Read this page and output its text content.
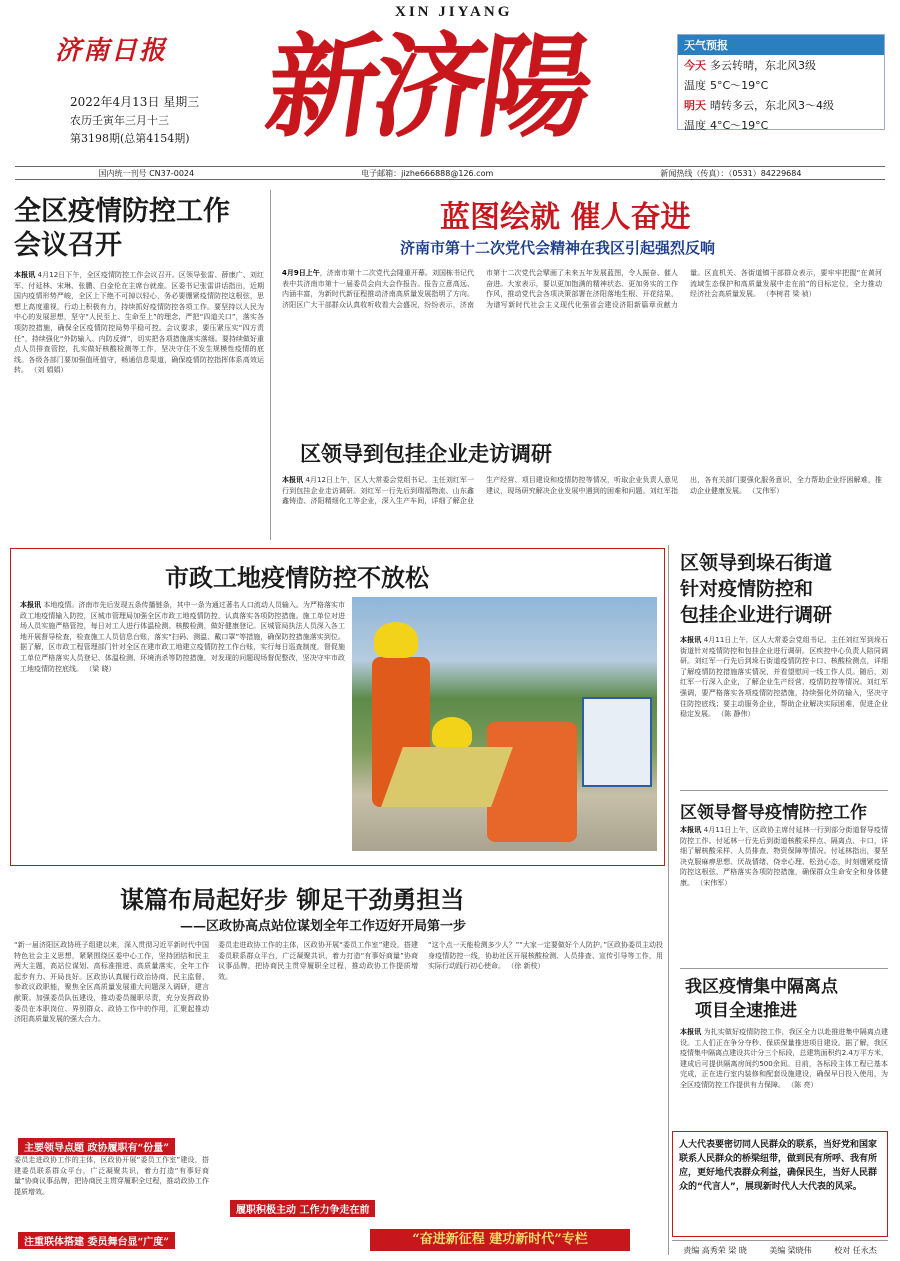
济南日报
XIN JIYANG
新济陽
2022年4月13日 星期三
农历壬寅年三月十三
第3198期(总第4154期)
天气预报
今天 多云转晴，东北风3级
温度 5°C～19°C
明天 晴转多云，东北风3～4级
温度 4°C～19°C
国内统一刊号 CN37-0024	电子邮箱：jizhe666888@126.com	新闻热线（传真）：（0531）84229684
全区疫情防控工作
会议召开
本报讯 4月12日下午，全区疫情防控工作会议召开。区领导张雷、薛康广、刘红军、付延林、宋琳、张鹏、白金伦在主席台就座。区委书记张雷讲话指出，近期国内疫情形势严峻，全区上下绝不可掉以轻心，务必要绷紧疫情防控这根弦，思想上高度重视，行动上积极有力，持续抓好疫情防控各项工作。要坚持以人民为中心的发展思想，坚守“人民至上、生命至上”的理念，严把“四道关口”，落实各项防控措施，确保全区疫情防控局势平稳可控。会议要求，要压紧压实“四方责任”，持续强化“外防输入、内防反弹”，切实把各项措施落实落细。要持续做好重点人员排查管控，扎实做好核酸检测等工作，坚决守住不发生规模性疫情的底线。各级各部门要加强值班值守，畅通信息渠道，确保疫情防控指挥体系高效运转。 （刘 娟娟）
蓝图绘就 催人奋进
济南市第十二次党代会精神在我区引起强烈反响
4月9日上午，济南市第十二次党代会隆重开幕。刘国栋书记代表中共济南市第十一届委员会向大会作报告。报告立意高远、内涵丰富，为新时代新征程推动济南高质量发展指明了方向。济阳区广大干部群众认真收听收看大会盛况，纷纷表示，济南市第十二次党代会擘画了未来五年发展蓝图，令人振奋、催人奋进。大家表示，要以更加饱满的精神状态、更加务实的工作作风，推动党代会各项决策部署在济阳落地生根、开花结果，为谱写新时代社会主义现代化强省会建设济阳新篇章贡献力量。区直机关、各街道镇干部群众表示，要牢牢把握“在黄河流域生态保护和高质量发展中走在前”的目标定位，全力推动经济社会高质量发展。 （李树君 梁 祯）
区领导到包挂企业走访调研
本报讯 4月12日上午，区人大常委会党组书记、主任刘红军一行到包挂企业走访调研。刘红军一行先后到瑞福物流、山东鑫鑫铸造、济阳精细化工等企业，深入生产车间，详细了解企业生产经营、项目建设和疫情防控等情况，听取企业负责人意见建议，现场研究解决企业发展中遇到的困难和问题。刘红军指出，各有关部门要强化服务意识，全力帮助企业纾困解难，推动企业健康发展。 （艾伟军）
市政工地疫情防控不放松
本报讯 本地疫情。济南市先后发现五条传播链条，其中一条为通过著名人口流动人员输入。为严格落实市政工地疫情输入防控，区城市管理局加强全区市政工地疫情防控，认真落实各项防控措施。施工单位对进场人员实施严格管控，每日对工人进行体温检测、核酸检测，做好健康登记。区城管局执法人员深入各工地开展督导检查，检查施工人员信息台账，落实“扫码、测温、戴口罩”等措施，确保防控措施落实到位。据了解，区市政工程管理部门针对全区在建市政工地建立疫情防控工作台账，实行每日巡查制度，督促施工单位严格落实人员登记、体温检测、环境消杀等防控措施，对发现的问题现场督促整改，坚决守牢市政工地疫情防控底线。 （梁 晓）
区领导到垛石街道
针对疫情防控和
包挂企业进行调研
本报讯 4月11日上午，区人大常委会党组书记、主任刘红军到垛石街道针对疫情防控和包挂企业进行调研。区疾控中心负责人陪同调研。刘红军一行先后到垛石街道疫情防控卡口、核酸检测点，详细了解疫情防控措施落实情况，并看望慰问一线工作人员。随后，刘红军一行深入企业，了解企业生产经营、疫情防控等情况。刘红军强调，要严格落实各项疫情防控措施，持续强化外防输入，坚决守住防控底线；要主动服务企业，帮助企业解决实际困难，促进企业稳定发展。 （陈 静伟）
区领导督导疫情防控工作
本报讯 4月11日上午，区政协主席付延林一行到部分街道督导疫情防控工作。付延林一行先后到街道核酸采样点、隔离点、卡口，详细了解核酸采样、人员排查、物资保障等情况。付延林指出，要坚决克服麻痹思想、厌战情绪、侥幸心理、松劲心态，时刻绷紧疫情防控这根弦，严格落实各项防控措施，确保群众生命安全和身体健康。 （宋伟军）
我区疫情集中隔离点
项目全速推进
本报讯 为扎实做好疫情防控工作，我区全力以赴推进集中隔离点建设。工人们正在争分夺秒、保质保量推进项目建设。据了解，我区疫情集中隔离点建设共计分三个标段，总建筑面积约2.4万平方米，建成后可提供隔离房间约500余间。目前，各标段主体工程已基本完成，正在进行室内装修和配套设施建设，确保早日投入使用，为全区疫情防控工作提供有力保障。 （陈 亮）
人大代表要密切同人民群众的联系，当好党和国家联系人民群众的桥梁纽带，做到民有所呼、我有所应，更好地代表群众利益，确保民生，当好人民群众的“代言人”，展现新时代人大代表的风采。
责编 高秀荣 梁 晓	美编 梁晓伟	校对 任永杰
谋篇布局起好步 铆足干劲勇担当
——区政协高点站位谋划全年工作迈好开局第一步
“新一届济阳区政协班子组建以来，深入贯彻习近平新时代中国特色社会主义思想，紧紧围绕区委中心工作，坚持团结和民主两大主题，高站位谋划、高标准推进、高质量落实，全年工作起步有力、开局良好。区政协认真履行政治协商、民主监督、参政议政职能，聚焦全区高质量发展重大问题深入调研，建言献策。加强委员队伍建设，推动委员履职尽责，充分发挥政协委员在本职岗位、界别群众、政协工作中的作用，汇聚起推动济阳高质量发展的强大合力。
主要领导点题 政协履职有“份量”
委员走进政协工作的主体，区政协开展“委员工作室”建设，搭建委员联系群众平台，广泛凝聚共识，着力打造“有事好商量”协商议事品牌，把协商民主贯穿履职全过程，推动政协工作提质增效。
注重联体搭建 委员舞台显“广度”
委员走进政协工作的主体，区政协开展“委员工作室”建设，搭建委员联系群众平台，广泛凝聚共识，着力打造“有事好商量”协商议事品牌，把协商民主贯穿履职全过程，推动政协工作提质增效。
履职积极主动 工作力争走在前
“这个点一天能检测多少人？”“大家一定要做好个人防护。”区政协委员主动投身疫情防控一线，协助社区开展核酸检测、人员排查、宣传引导等工作，用实际行动践行初心使命。 （徐 新枝）
“奋进新征程 建功新时代”专栏
